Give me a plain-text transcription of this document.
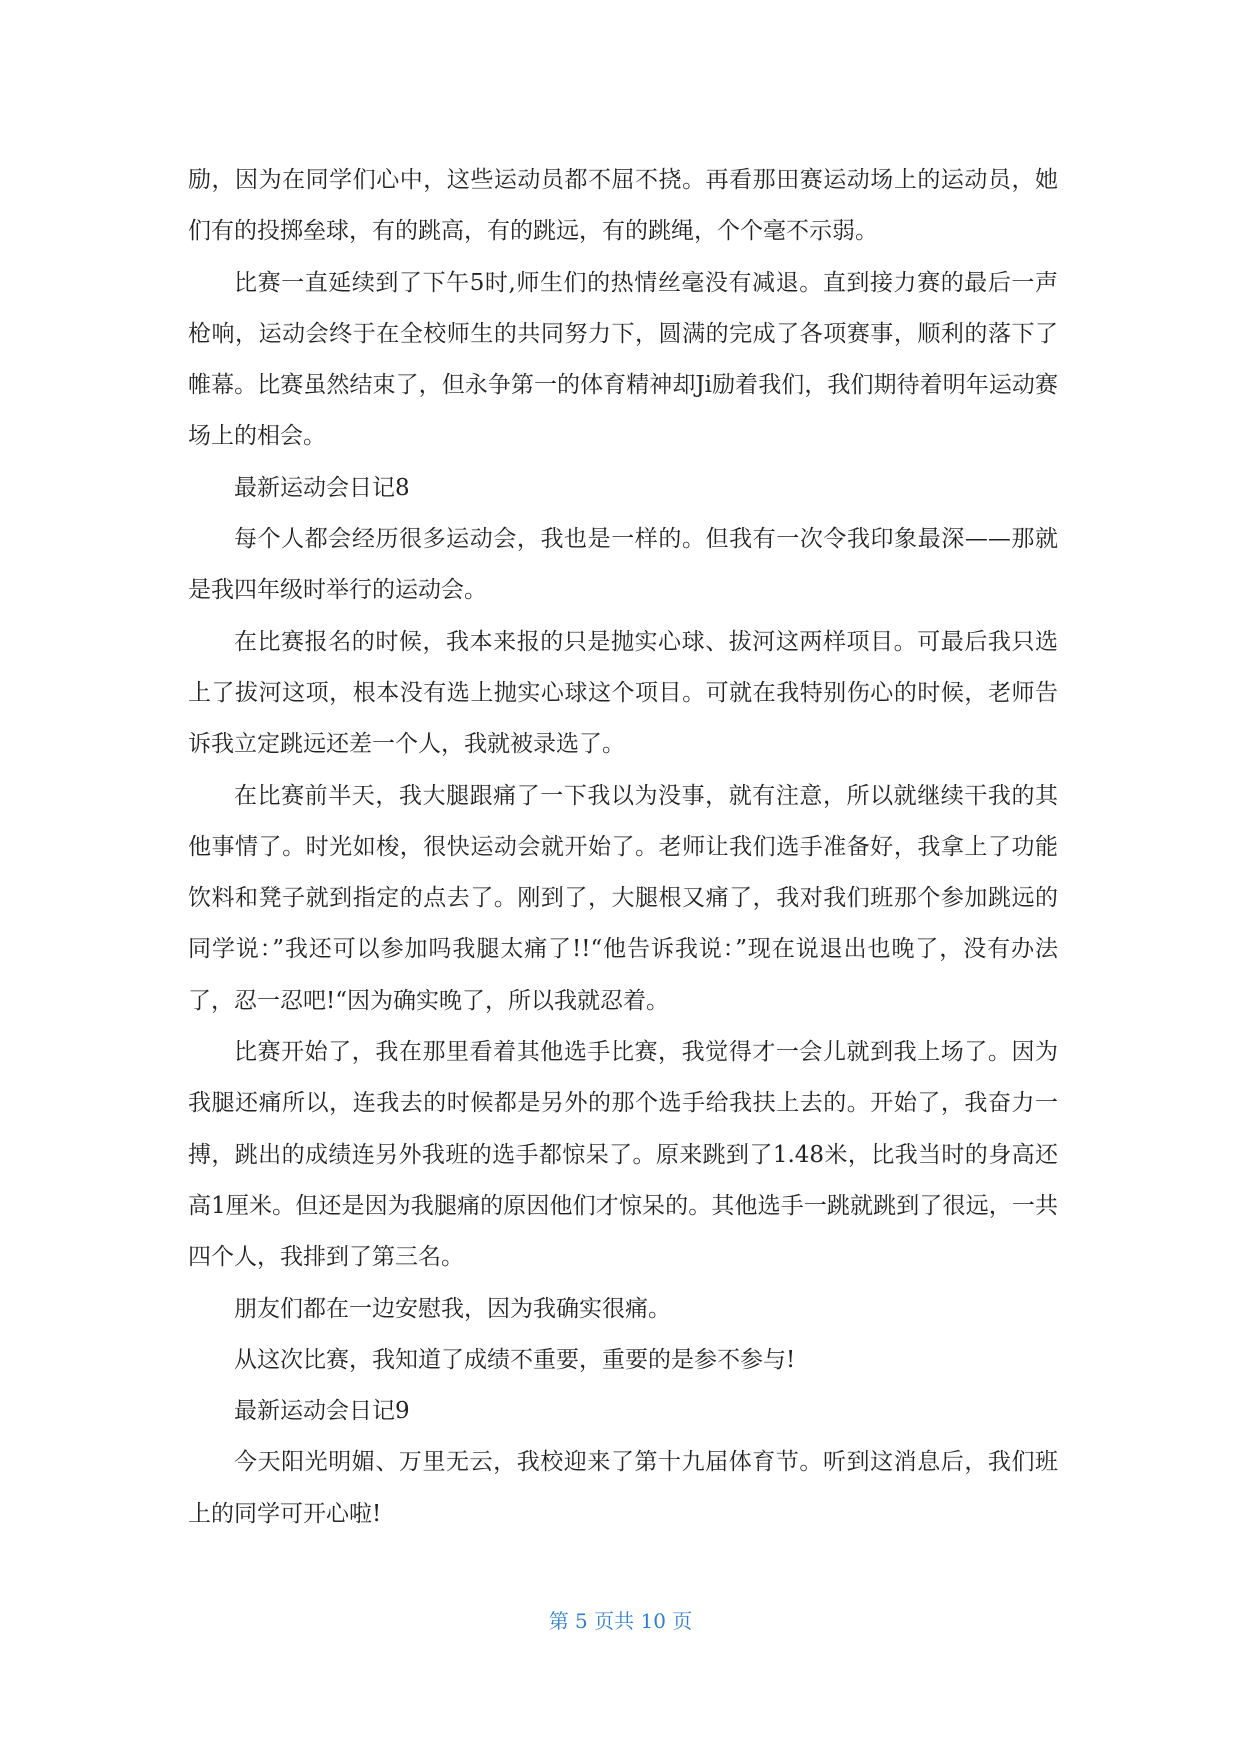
励，因为在同学们心中，这些运动员都不屈不挠。再看那田赛运动场上的运动员，她们有的投掷垒球，有的跳高，有的跳远，有的跳绳，个个毫不示弱。

比赛一直延续到了下午5时,师生们的热情丝毫没有减退。直到接力赛的最后一声枪响，运动会终于在全校师生的共同努力下，圆满的完成了各项赛事，顺利的落下了帷幕。比赛虽然结束了，但永争第一的体育精神却Ji励着我们，我们期待着明年运动赛场上的相会。

最新运动会日记8

每个人都会经历很多运动会，我也是一样的。但我有一次令我印象最深——那就是我四年级时举行的运动会。

在比赛报名的时候，我本来报的只是抛实心球、拔河这两样项目。可最后我只选上了拔河这项，根本没有选上抛实心球这个项目。可就在我特别伤心的时候，老师告诉我立定跳远还差一个人，我就被录选了。

在比赛前半天，我大腿跟痛了一下我以为没事，就有注意，所以就继续干我的其他事情了。时光如梭，很快运动会就开始了。老师让我们选手准备好，我拿上了功能饮料和凳子就到指定的点去了。刚到了，大腿根又痛了，我对我们班那个参加跳远的同学说：”我还可以参加吗我腿太痛了!!“他告诉我说：”现在说退出也晚了，没有办法了，忍一忍吧!“因为确实晚了，所以我就忍着。

比赛开始了，我在那里看着其他选手比赛，我觉得才一会儿就到我上场了。因为我腿还痛所以，连我去的时候都是另外的那个选手给我扶上去的。开始了，我奋力一搏，跳出的成绩连另外我班的选手都惊呆了。原来跳到了1.48米，比我当时的身高还高1厘米。但还是因为我腿痛的原因他们才惊呆的。其他选手一跳就跳到了很远，一共四个人，我排到了第三名。

朋友们都在一边安慰我，因为我确实很痛。

从这次比赛，我知道了成绩不重要，重要的是参不参与!

最新运动会日记9

今天阳光明媚、万里无云，我校迎来了第十九届体育节。听到这消息后，我们班上的同学可开心啦!

第 5 页共 10 页
